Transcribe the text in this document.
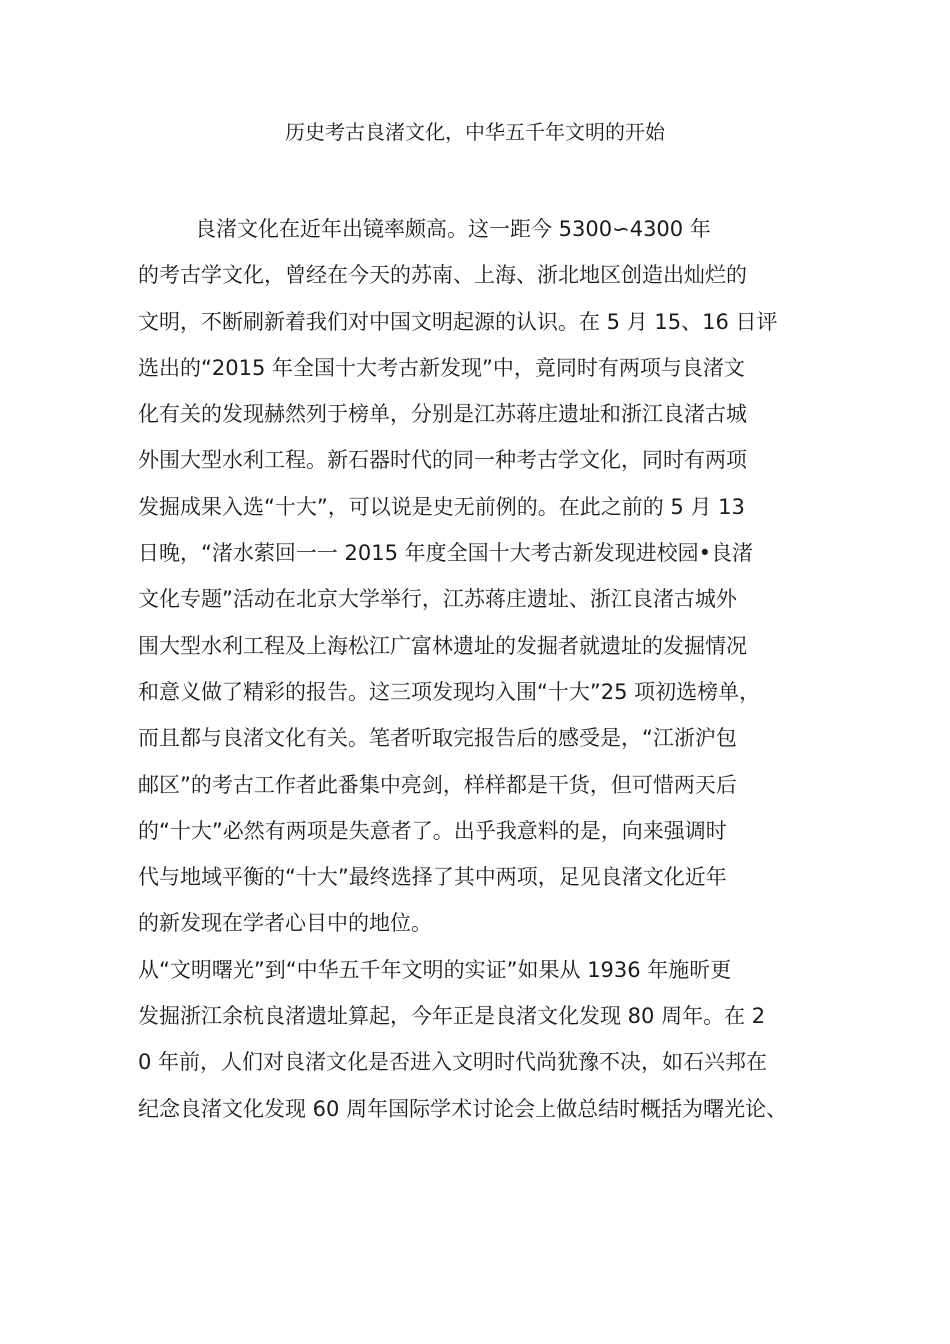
历史考古良渚文化，中华五千年文明的开始
良渚文化在近年出镜率颇高。这一距今 5300∽4300 年
的考古学文化，曾经在今天的苏南、上海、浙北地区创造出灿烂的
文明，不断刷新着我们对中国文明起源的认识。在 5 月 15、16 日评
选出的“2015 年全国十大考古新发现”中，竟同时有两项与良渚文
化有关的发现赫然列于榜单，分别是江苏蒋庄遗址和浙江良渚古城
外围大型水利工程。新石器时代的同一种考古学文化，同时有两项
发掘成果入选“十大”，可以说是史无前例的。在此之前的 5 月 13
日晚，“渚水萦回一一 2015 年度全国十大考古新发现进校园•良渚
文化专题”活动在北京大学举行，江苏蒋庄遗址、浙江良渚古城外
围大型水利工程及上海松江广富林遗址的发掘者就遗址的发掘情况
和意义做了精彩的报告。这三项发现均入围“十大”25 项初选榜单，
而且都与良渚文化有关。笔者听取完报告后的感受是，“江浙沪包
邮区”的考古工作者此番集中亮剑，样样都是干货，但可惜两天后
的“十大”必然有两项是失意者了。出乎我意料的是，向来强调时
代与地域平衡的“十大”最终选择了其中两项，足见良渚文化近年
的新发现在学者心目中的地位。
从“文明曙光”到“中华五千年文明的实证”如果从 1936 年施昕更
发掘浙江余杭良渚遗址算起，今年正是良渚文化发现 80 周年。在 2
0 年前，人们对良渚文化是否进入文明时代尚犹豫不决，如石兴邦在
纪念良渚文化发现 60 周年国际学术讨论会上做总结时概括为曙光论、
